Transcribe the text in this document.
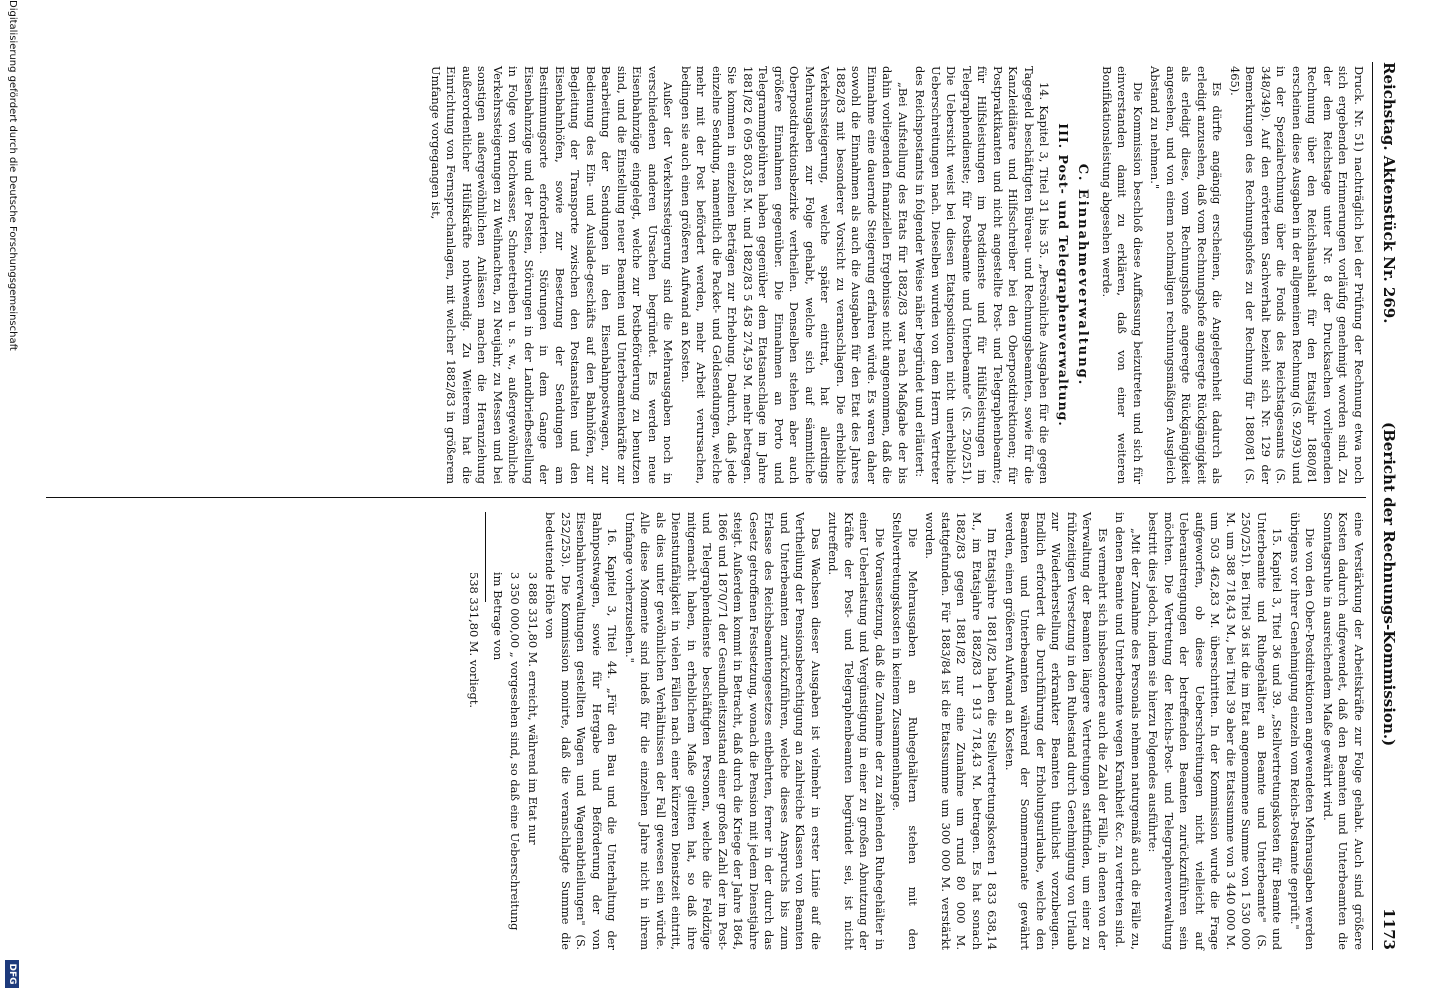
Reichstag. Aktenstück Nr. 269.
(Bericht der Rechnungs-Kommission.)
1173

Druck. Nr. 51) nachträglich bei der Prüfung der Rechnung etwa noch sich ergebenden Erinnerungen vorläufig genehmigt worden sind. Zu der dem Reichstage unter Nr. 8 der Drucksachen vorliegenden Rechnung über den Reichshaushalt für den Etatsjahr 1880/81 erscheinen diese Ausgaben in der allgemeinen Rechnung (S. 92/93) und in der Spezialrechnung über die Fonds des Reichstagesamts (S. 348/349). Auf den erörterten Sachverhalt bezieht sich Nr. 129 der Bemerkungen des Rechnungshofes zu der Rechnung für 1880/81 (S. 465).

Es dürfte angängig erscheinen, die Angelegenheit dadurch als erledigt anzusehen, daß vom Rechnungshofe angeregte Rückgängigkeit als erledigt diese, vom Rechnungshofe angeregte Rückgängigkeit angesehen, und von einem nochmaligen rechnungsmäßigen Ausgleich Abstand zu nehmen."

Die Kommission beschloß diese Auffassung beizutreten und sich für einverstanden damit zu erklären, daß von einer weiteren Bonifikationsleistung abgesehen werde.

C. Einnahmeverwaltung.

III. Post- und Telegraphenverwaltung.

14. Kapitel 3, Titel 31 bis 35. „Persönliche Ausgaben für die gegen Tagegeld beschäftigten Büreau- und Rechnungsbeamten, sowie für die Kanzleidiätare und Hilfsschreiber bei den Oberpostdirektionen; für Postpraktikanten und nicht angestellte Post- und Telegraphenbeamte; für Hilfsleistungen im Postdienste und für Hülfsleistungen im Telegraphendienste; für Postbeamte und Unterbeamte" (S. 250/251). Die Uebersicht weist bei diesen Etatspositionen nicht unerhebliche Ueberschreitungen nach. Dieselben wurden von dem Herrn Vertreter des Reichspostamts in folgender Weise näher begründet und erläutert:

„Bei Aufstellung des Etats für 1882/83 war nach Maßgabe der bis dahin vorliegenden finanziellen Ergebnisse nicht angenommen, daß die Einnahme eine dauernde Steigerung erfahren würde. Es waren daher sowohl die Einnahmen als auch die Ausgaben für den Etat des Jahres 1882/83 mit besonderer Vorsicht zu veranschlagen. Die erhebliche Verkehrssteigerung, welche später eintrat, hat allerdings Mehrausgaben zur Folge gehabt, welche sich auf sämmtliche Oberpostdirektionsbezirke vertheilen. Denselben stehen aber auch größere Einnahmen gegenüber. Die Einnahmen an Porto und Telegrammgebühren haben gegenüber dem Etatsanschlage im Jahre 1881/82 6 095 803,85 M. und 1882/83 5 458 274,59 M. mehr betragen. Sie kommen in einzelnen Beträgen zur Erhebung. Dadurch, daß jede einzelne Sendung, namentlich die Packet- und Geldsendungen, welche mehr mit der Post befördert werden, mehr Arbeit verursachen, bedingen sie auch einen größeren Aufwand an Kosten.

Außer der Verkehrssteigerung sind die Mehrausgaben noch in verschiedenen anderen Ursachen begründet. Es werden neue Eisenbahnzüge eingelegt, welche zur Postbeförderung zu benutzen sind, und die Einstellung neuer Beamten und Unterbeamtenkräfte zur Bearbeitung der Sendungen in den Eisenbahnpostwagen, zur Bedienung des Ein- und Auslade-geschäfts auf den Bahnhöfen, zur Begleitung der Transporte zwischen den Postanstalten und den Eisenbahnhöfen, sowie zur Besetzung der Sendungen am Bestimmungsorte erforderten. Störungen in dem Gange der Eisenbahnzüge und der Posten, Störungen in der Landbriefbestellung in Folge von Hochwasser, Schneetreiben u. s. w., außergewöhnliche Verkehrssteigerungen zu Weihnachten, zu Neujahr, zu Messen und bei sonstigen außergewöhnlichen Anlässen machen die Heranziehung außerordentlicher Hülfskräfte nothwendig. Zu Weiterem hat die Einrichtung von Fernsprechanlagen, mit welcher 1882/83 in größerem Umfange vorgegangen ist,

eine Verstärkung der Arbeitskräfte zur Folge gehabt. Auch sind größere Kosten dadurch aufgewendet, daß den Beamten und Unterbeamten die Sonntagsruhe in ausreichendem Maße gewährt wird.

Die von den Ober-Postdirektionen angewendeten Mehrausgaben werden übrigens vor ihrer Genehmigung einzeln vom Reichs-Postamte geprüft."

15. Kapitel 3, Titel 36 und 39. „Stellvertretungskosten für Beamte und Unterbeamte und Ruhegehälter an Beamte und Unterbeamte" (S. 250/251). Bei Titel 36 ist die im Etat angenommene Summe von 1 530 000 M. um 388 718,43 M., bei Titel 39 aber die Etatssumme von 3 440 000 M. um 503 462,83 M. überschritten. In der Kommission wurde die Frage aufgeworfen, ob diese Ueberschreitungen nicht vielleicht auf Ueberanstrengungen der betreffenden Beamten zurückzuführen sein möchten. Die Vertretung der Reichs-Post- und Telegraphenverwaltung bestritt dies jedoch, indem sie hierzu Folgendes ausführte:

„Mit der Zunahme des Personals nehmen naturgemäß auch die Fälle zu, in denen Beamte und Unterbeamte wegen Krankheit &c. zu vertreten sind.

Es vermehrt sich insbesondere auch die Zahl der Fälle, in denen von der Verwaltung der Beamten längere Vertretungen stattfinden, um einer zu frühzeitigen Versetzung in den Ruhestand durch Genehmigung von Urlaub zur Wiederherstellung erkrankter Beamten thunlichst vorzubeugen. Endlich erfordert die Durchführung der Erholungsurlaube, welche den Beamten und Unterbeamten während der Sommermonate gewährt werden, einen größeren Aufwand an Kosten.

Im Etatsjahre 1881/82 haben die Stellvertretungskosten 1 833 638,14 M., im Etatsjahre 1882/83 1 913 718,43 M. betragen. Es hat sonach 1882/83 gegen 1881/82 nur eine Zunahme um rund 80 000 M. stattgefunden. Für 1883/84 ist die Etatssumme um 300 000 M. verstärkt worden.

Die Mehrausgaben an Ruhegehältern stehen mit den Stellvertretungskosten in keinem Zusammenhange.

Die Voraussetzung, daß die Zunahme der zu zahlenden Ruhegehälter in einer Ueberlastung und Vergünstigung in einer zu großen Abnutzung der Kräfte der Post- und Telegraphenbeamten begründet sei, ist nicht zutreffend.

Das Wachsen dieser Ausgaben ist vielmehr in erster Linie auf die Vertheilung der Pensionsberechtigung an zahlreiche Klassen von Beamten und Unterbeamten zurückzuführen, welche dieses Anspruchs bis zum Erlasse des Reichsbeamtengesetzes entbehrten, ferner in der durch das Gesetz getroffenen Festsetzung, wonach die Pension mit jedem Dienstjahre steigt. Außerdem kommt in Betracht, daß durch die Kriege der Jahre 1864, 1866 und 1870/71 der Gesundheitszustand einer großen Zahl der im Post- und Telegraphendienste beschäftigten Personen, welche die Feldzüge mitgemacht haben, in erheblichem Maße gelitten hat, so daß ihre Dienstunfähigkeit in vielen Fällen nach einer kürzeren Dienstzeit eintritt, als dies unter gewöhnlichen Verhältnissen der Fall gewesen sein würde. Alle diese Momente sind indeß für die einzelnen Jahre nicht in ihrem Umfange vorherzusehen."

16. Kapitel 3, Titel 44. „Für den Bau und die Unterhaltung der Bahnpostwagen, sowie für Hergabe und Beförderung der von Eisenbahnverwaltungen gestellten Wagen und Wagenabtheilungen" (S. 252/253). Die Kommission monirte, daß die veranschlagte Summe die bedeutende Höhe von

3 888 331,80 M. erreicht, während im Etat nur

3 350 000,00 „ vorgesehen sind, so daß eine Ueberschreitung

im Betrage von

538 331,80 M. vorliegt.

Digitalisierung gefördert durch die Deutsche Forschungsgemeinschaft
DFG
